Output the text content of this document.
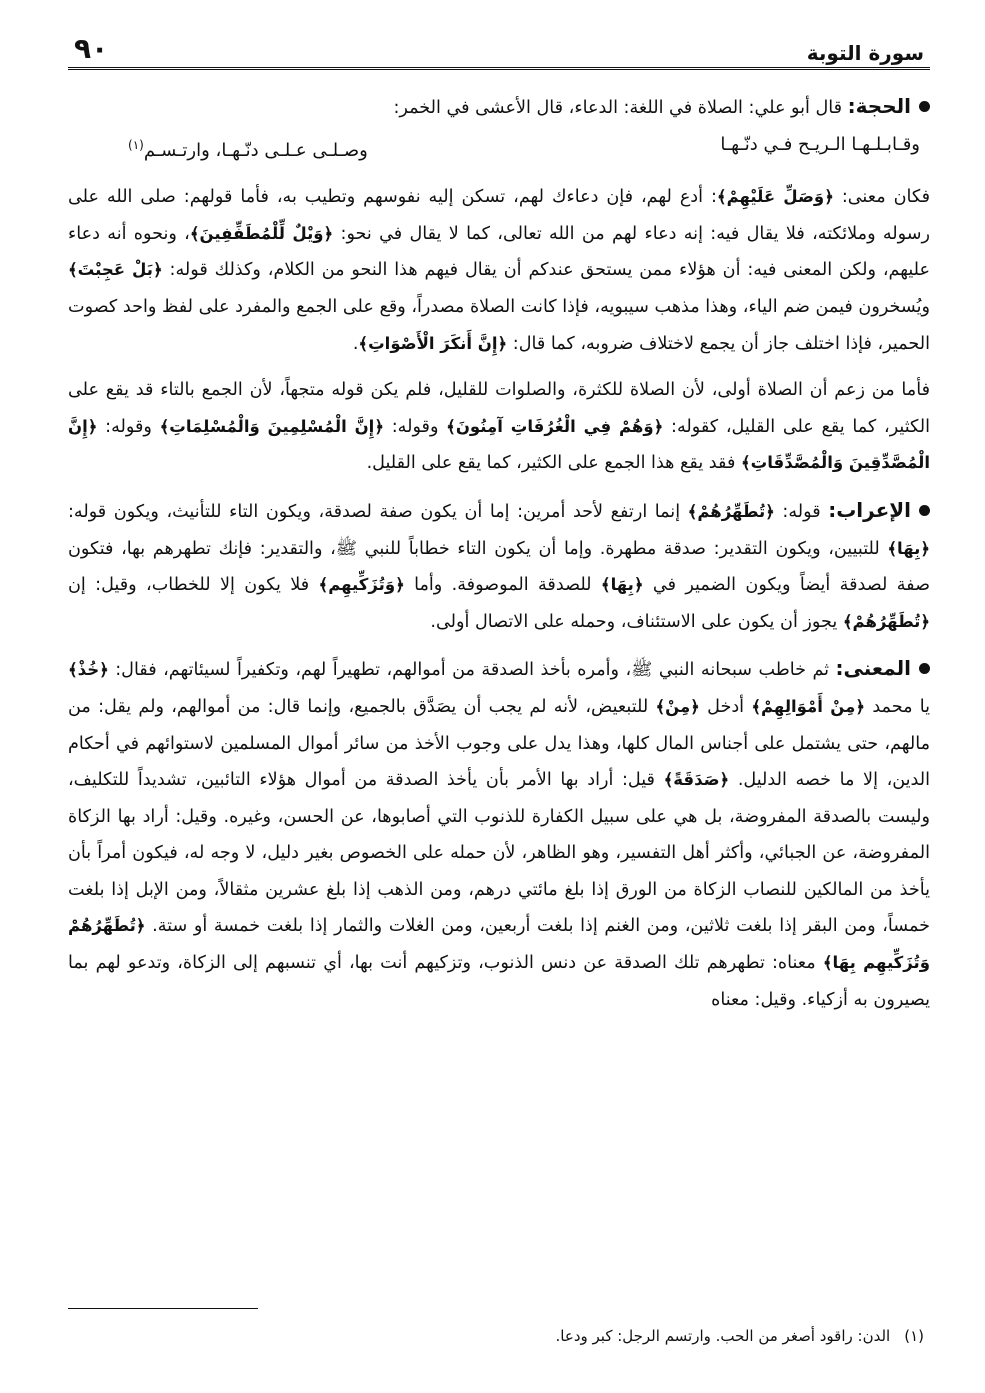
سورة التوبة
٩٠

الحجة: قال أبو علي: الصلاة في اللغة: الدعاء، قال الأعشى في الخمر:

وقـابـلـهـا الـريـح فـي دنّـهـا
وصـلـى عـلـى دنّـهـا، وارتـسـم$^{(١)}$

فكان معنى: ﴿وَصَلِّ عَلَيْهِمْ﴾: أدع لهم، فإن دعاءك لهم، تسكن إليه نفوسهم وتطيب به، فأما قولهم: صلى الله على رسوله وملائكته، فلا يقال فيه: إنه دعاء لهم من الله تعالى، كما لا يقال في نحو: ﴿وَيْلٌ لِّلْمُطَفِّفِينَ﴾، ونحوه أنه دعاء عليهم، ولكن المعنى فيه: أن هؤلاء ممن يستحق عندكم أن يقال فيهم هذا النحو من الكلام، وكذلك قوله: ﴿بَلْ عَجِبْتَ﴾ ويُسخرون فيمن ضم الياء، وهذا مذهب سيبويه، فإذا كانت الصلاة مصدراً، وقع على الجمع والمفرد على لفظ واحد كصوت الحمير، فإذا اختلف جاز أن يجمع لاختلاف ضروبه، كما قال: ﴿إِنَّ أَنكَرَ الْأَصْوَاتِ﴾.

فأما من زعم أن الصلاة أولى، لأن الصلاة للكثرة، والصلوات للقليل، فلم يكن قوله متجهاً، لأن الجمع بالتاء قد يقع على الكثير، كما يقع على القليل، كقوله: ﴿وَهُمْ فِي الْغُرُفَاتِ آمِنُونَ﴾ وقوله: ﴿إِنَّ الْمُسْلِمِينَ وَالْمُسْلِمَاتِ﴾ وقوله: ﴿إِنَّ الْمُصَّدِّقِينَ وَالْمُصَّدِّقَاتِ﴾ فقد يقع هذا الجمع على الكثير، كما يقع على القليل.

الإعراب: قوله: ﴿تُطَهِّرُهُمْ﴾ إنما ارتفع لأحد أمرين: إما أن يكون صفة لصدقة، ويكون التاء للتأنيث، ويكون قوله: ﴿بِهَا﴾ للتبيين، ويكون التقدير: صدقة مطهرة. وإما أن يكون التاء خطاباً للنبي ﷺ، والتقدير: فإنك تطهرهم بها، فتكون صفة لصدقة أيضاً ويكون الضمير في ﴿بِهَا﴾ للصدقة الموصوفة. وأما ﴿وَتُزَكِّيهِم﴾ فلا يكون إلا للخطاب، وقيل: إن ﴿تُطَهِّرُهُمْ﴾ يجوز أن يكون على الاستئناف، وحمله على الاتصال أولى.

المعنى: ثم خاطب سبحانه النبي ﷺ، وأمره بأخذ الصدقة من أموالهم، تطهيراً لهم، وتكفيراً لسيئاتهم، فقال: ﴿خُذْ﴾ يا محمد ﴿مِنْ أَمْوَالِهِمْ﴾ أدخل ﴿مِنْ﴾ للتبعيض، لأنه لم يجب أن يصَدَّق بالجميع، وإنما قال: من أموالهم، ولم يقل: من مالهم، حتى يشتمل على أجناس المال كلها، وهذا يدل على وجوب الأخذ من سائر أموال المسلمين لاستوائهم في أحكام الدين، إلا ما خصه الدليل. ﴿صَدَقَةً﴾ قيل: أراد بها الأمر بأن يأخذ الصدقة من أموال هؤلاء التائبين، تشديداً للتكليف، وليست بالصدقة المفروضة، بل هي على سبيل الكفارة للذنوب التي أصابوها، عن الحسن، وغيره. وقيل: أراد بها الزكاة المفروضة، عن الجبائي، وأكثر أهل التفسير، وهو الظاهر، لأن حمله على الخصوص بغير دليل، لا وجه له، فيكون أمراً بأن يأخذ من المالكين للنصاب الزكاة من الورق إذا بلغ مائتي درهم، ومن الذهب إذا بلغ عشرين مثقالاً، ومن الإبل إذا بلغت خمساً، ومن البقر إذا بلغت ثلاثين، ومن الغنم إذا بلغت أربعين، ومن الغلات والثمار إذا بلغت خمسة أو ستة. ﴿تُطَهِّرُهُمْ وَتُزَكِّيهِم بِهَا﴾ معناه: تطهرهم تلك الصدقة عن دنس الذنوب، وتزكيهم أنت بها، أي تنسبهم إلى الزكاة، وتدعو لهم بما يصيرون به أزكياء. وقيل: معناه

(١)الدن: راقود أصغر من الحب. وارتسم الرجل: كبر ودعا.
